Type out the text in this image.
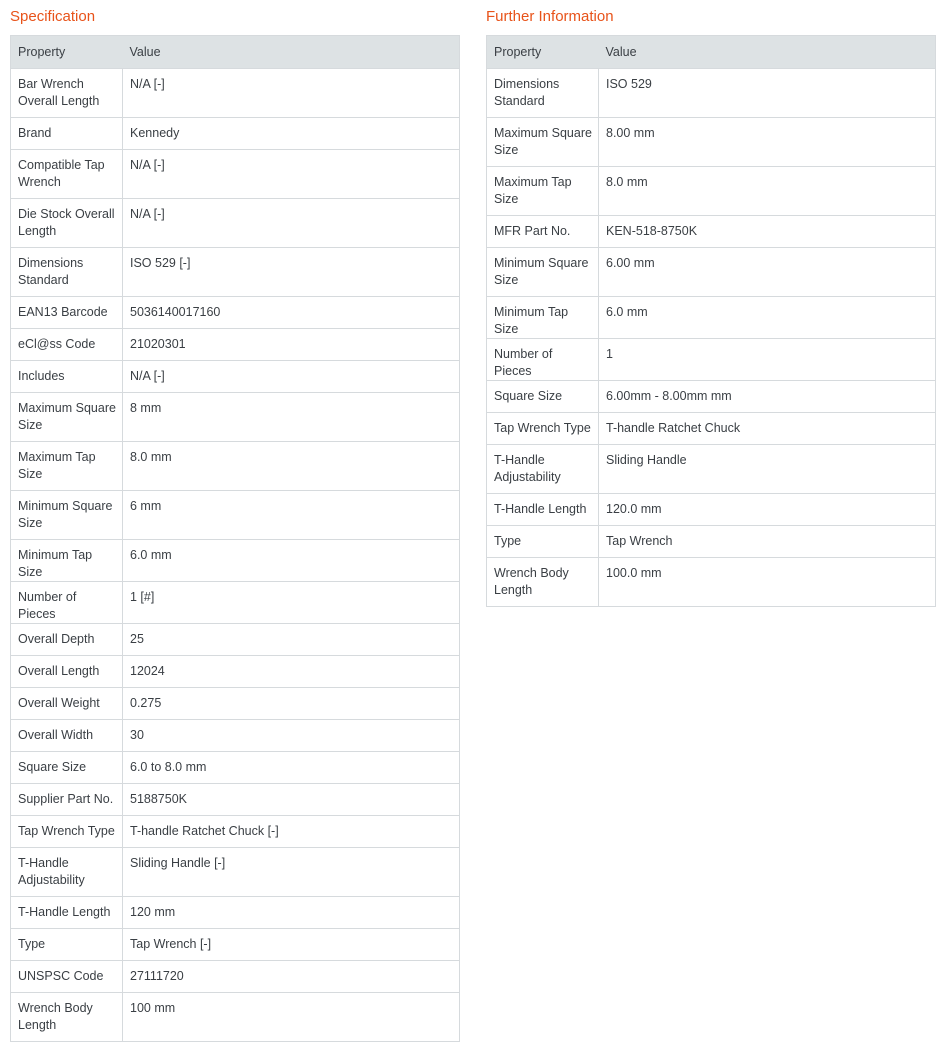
Specification
Property	Value
Bar Wrench Overall Length	N/A [-]
Brand	Kennedy
Compatible Tap Wrench	N/A [-]
Die Stock Overall Length	N/A [-]
Dimensions Standard	ISO 529 [-]
EAN13 Barcode	5036140017160
eCl@ss Code	21020301
Includes	N/A [-]
Maximum Square Size	8 mm
Maximum Tap Size	8.0 mm
Minimum Square Size	6 mm
Minimum Tap Size	6.0 mm
Number of Pieces	1 [#]
Overall Depth	25
Overall Length	12024
Overall Weight	0.275
Overall Width	30
Square Size	6.0 to 8.0 mm
Supplier Part No.	5188750K
Tap Wrench Type	T-handle Ratchet Chuck [-]
T-Handle Adjustability	Sliding Handle [-]
T-Handle Length	120 mm
Type	Tap Wrench [-]
UNSPSC Code	27111720
Wrench Body Length	100 mm
Further Information
Property	Value
Dimensions Standard	ISO 529
Maximum Square Size	8.00 mm
Maximum Tap Size	8.0 mm
MFR Part No.	KEN-518-8750K
Minimum Square Size	6.00 mm
Minimum Tap Size	6.0 mm
Number of Pieces	1
Square Size	6.00mm - 8.00mm mm
Tap Wrench Type	T-handle Ratchet Chuck
T-Handle Adjustability	Sliding Handle
T-Handle Length	120.0 mm
Type	Tap Wrench
Wrench Body Length	100.0 mm
